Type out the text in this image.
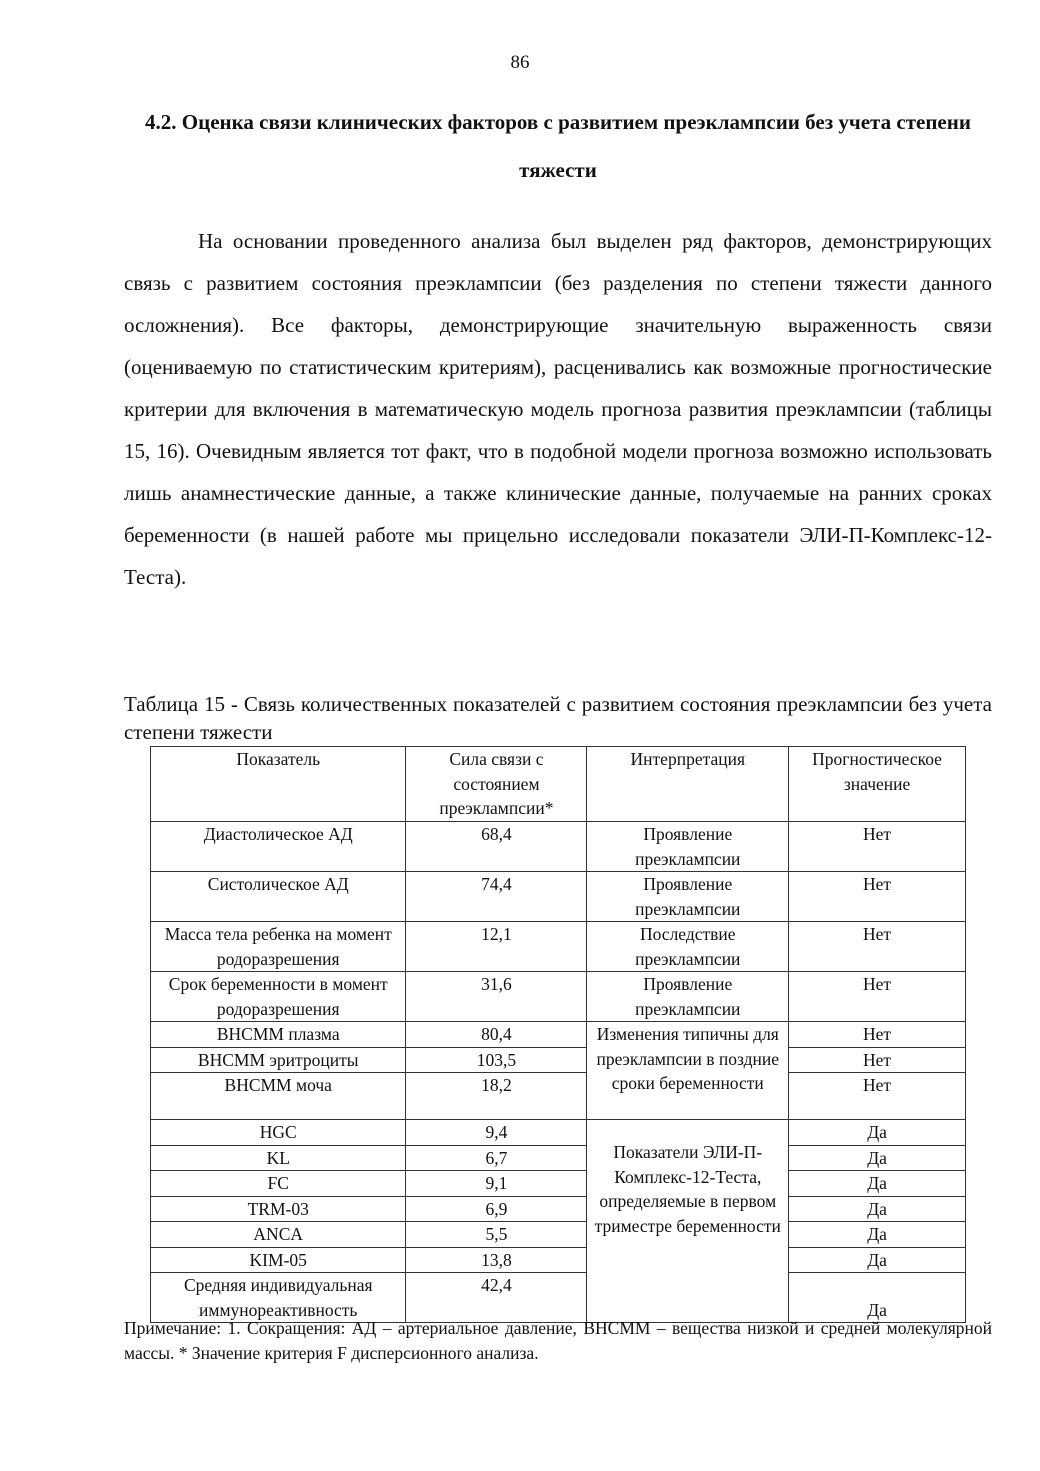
86
4.2. Оценка связи клинических факторов с развитием преэклампсии без учета степени тяжести

На основании проведенного анализа был выделен ряд факторов, демонстрирующих связь с развитием состояния преэклампсии (без разделения по степени тяжести данного осложнения). Все факторы, демонстрирующие значительную выраженность связи (оцениваемую по статистическим критериям), расценивались как возможные прогностические критерии для включения в математическую модель прогноза развития преэклампсии (таблицы 15, 16). Очевидным является тот факт, что в подобной модели прогноза возможно использовать лишь анамнестические данные, а также клинические данные, получаемые на ранних сроках беременности (в нашей работе мы прицельно исследовали показатели ЭЛИ-П-Комплекс-12-Теста).

Таблица 15 - Связь количественных показателей с развитием состояния преэклампсии без учета степени тяжести

Показатель	Сила связи с состоянием преэклампсии*	Интерпретация	Прогностическое значение
Диастолическое АД	68,4	Проявление преэклампсии	Нет
Систолическое АД	74,4	Проявление преэклампсии	Нет
Масса тела ребенка на момент родоразрешения	12,1	Последствие преэклампсии	Нет
Срок беременности в момент родоразрешения	31,6	Проявление преэклампсии	Нет
ВНСММ плазма	80,4	Изменения типичны для преэклампсии в поздние сроки беременности	Нет
ВНСММ эритроциты	103,5		Нет
ВНСММ моча	18,2		Нет
HGC	9,4	Показатели ЭЛИ-П-Комплекс-12-Теста, определяемые в первом триместре беременности	Да
KL	6,7		Да
FC	9,1		Да
TRM-03	6,9		Да
ANCA	5,5		Да
KIM-05	13,8		Да
Средняя индивидуальная иммунореактивность	42,4		Да

Примечание: 1. Сокращения: АД – артериальное давление, ВНСММ – вещества низкой и средней молекулярной массы. * Значение критерия F дисперсионного анализа.
